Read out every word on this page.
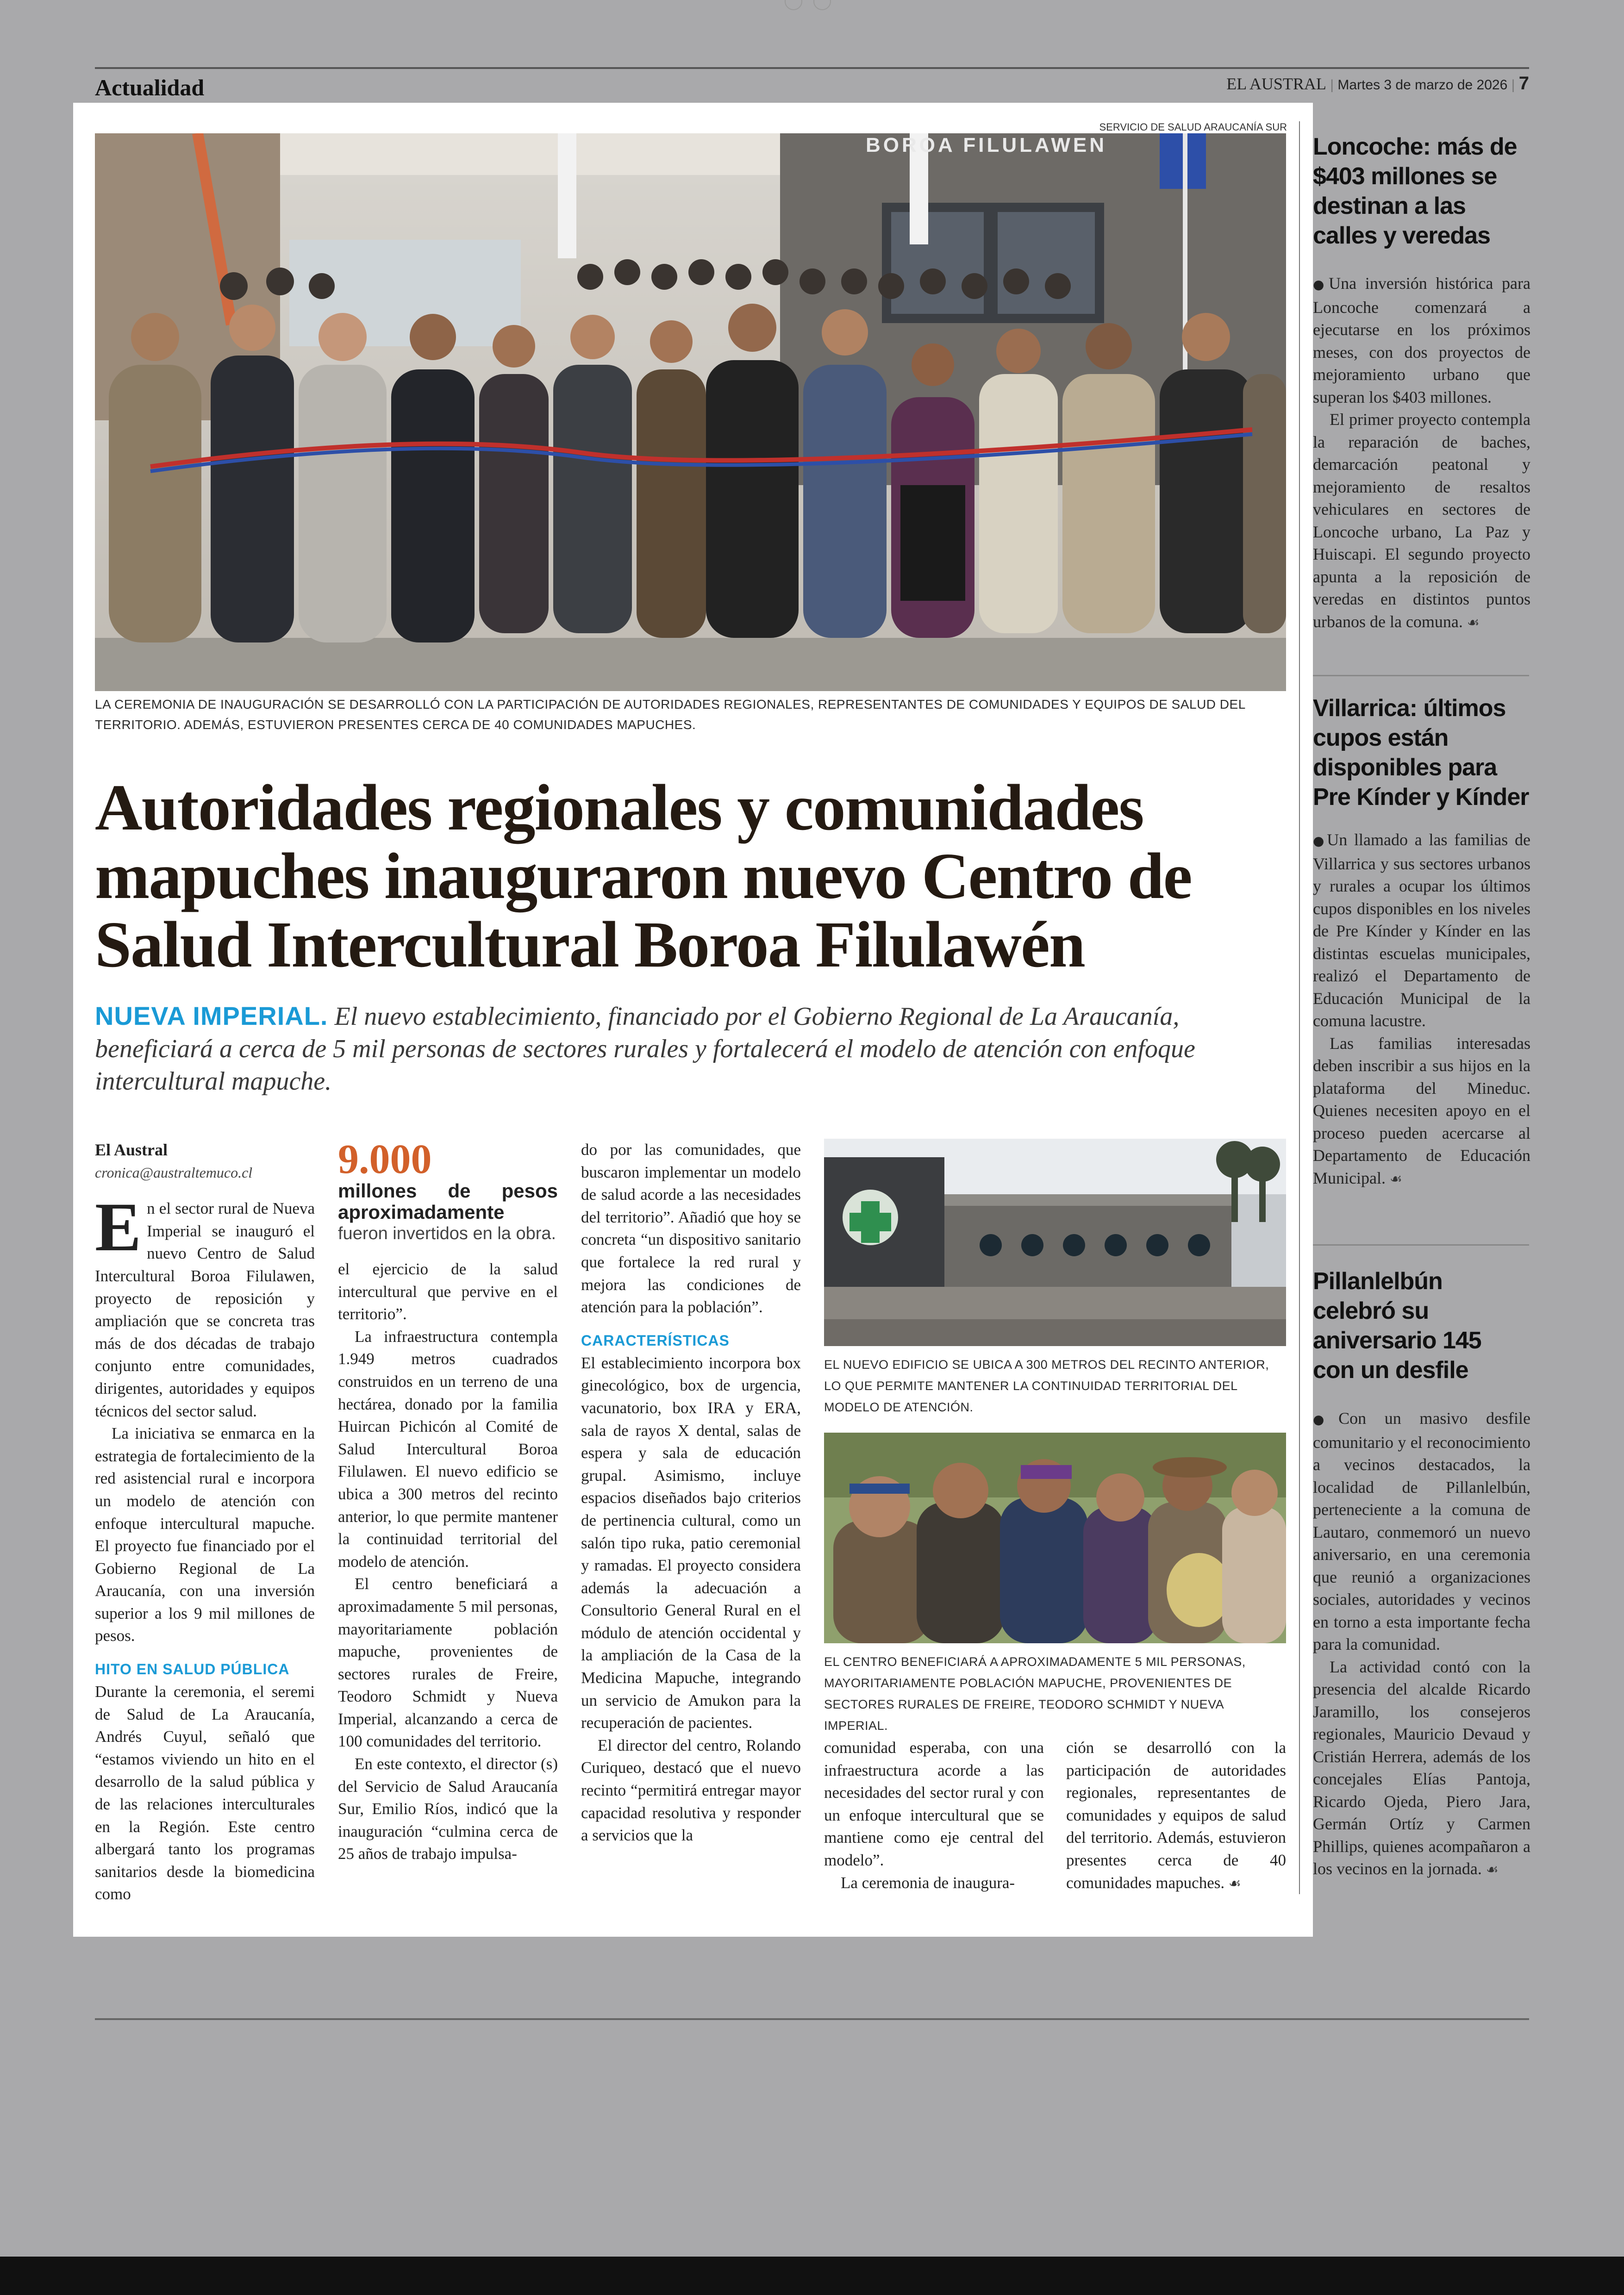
Actualidad	EL AUSTRAL | Martes 3 de marzo de 2026 | 7
SERVICIO DE SALUD ARAUCANÍA SUR
BOROA FILULAWEN
LA CEREMONIA DE INAUGURACIÓN SE DESARROLLÓ CON LA PARTICIPACIÓN DE AUTORIDADES REGIONALES, REPRESENTANTES DE COMUNIDADES Y EQUIPOS DE SALUD DEL TERRITORIO. ADEMÁS, ESTUVIERON PRESENTES CERCA DE 40 COMUNIDADES MAPUCHES.
Autoridades regionales y comunidades mapuches inauguraron nuevo Centro de Salud Intercultural Boroa Filulawén
NUEVA IMPERIAL. El nuevo establecimiento, financiado por el Gobierno Regional de La Araucanía, beneficiará a cerca de 5 mil personas de sectores rurales y fortalecerá el modelo de atención con enfoque intercultural mapuche.
El Austral
cronica@australtemuco.cl

En el sector rural de Nueva Imperial se inauguró el nuevo Centro de Salud Intercultural Boroa Filulawen, proyecto de reposición y ampliación que se concreta tras más de dos décadas de trabajo conjunto entre comunidades, dirigentes, autoridades y equipos técnicos del sector salud.

La iniciativa se enmarca en la estrategia de fortalecimiento de la red asistencial rural e incorpora un modelo de atención con enfoque intercultural mapuche. El proyecto fue financiado por el Gobierno Regional de La Araucanía, con una inversión superior a los 9 mil millones de pesos.

HITO EN SALUD PÚBLICA

Durante la ceremonia, el seremi de Salud de La Araucanía, Andrés Cuyul, señaló que “estamos viviendo un hito en el desarrollo de la salud pública y de las relaciones interculturales en la Región. Este centro albergará tanto los programas sanitarios desde la biomedicina como

9.000
millones de pesos aproximadamente
fueron invertidos en la obra.

el ejercicio de la salud intercultural que pervive en el territorio”.

La infraestructura contempla 1.949 metros cuadrados construidos en un terreno de una hectárea, donado por la familia Huircan Pichicón al Comité de Salud Intercultural Boroa Filulawen. El nuevo edificio se ubica a 300 metros del recinto anterior, lo que permite mantener la continuidad territorial del modelo de atención.

El centro beneficiará a aproximadamente 5 mil personas, mayoritariamente población mapuche, provenientes de sectores rurales de Freire, Teodoro Schmidt y Nueva Imperial, alcanzando a cerca de 100 comunidades del territorio.

En este contexto, el director (s) del Servicio de Salud Araucanía Sur, Emilio Ríos, indicó que la inauguración “culmina cerca de 25 años de trabajo impulsa-

do por las comunidades, que buscaron implementar un modelo de salud acorde a las necesidades del territorio”. Añadió que hoy se concreta “un dispositivo sanitario que fortalece la red rural y mejora las condiciones de atención para la población”.

CARACTERÍSTICAS

El establecimiento incorpora box ginecológico, box de urgencia, vacunatorio, box IRA y ERA, sala de rayos X dental, salas de espera y sala de educación grupal. Asimismo, incluye espacios diseñados bajo criterios de pertinencia cultural, como un salón tipo ruka, patio ceremonial y ramadas. El proyecto considera además la adecuación a Consultorio General Rural en el módulo de atención occidental y la ampliación de la Casa de la Medicina Mapuche, integrando un servicio de Amukon para la recuperación de pacientes.

El director del centro, Rolando Curiqueo, destacó que el nuevo recinto “permitirá entregar mayor capacidad resolutiva y responder a servicios que la

EL NUEVO EDIFICIO SE UBICA A 300 METROS DEL RECINTO ANTERIOR, LO QUE PERMITE MANTENER LA CONTINUIDAD TERRITORIAL DEL MODELO DE ATENCIÓN.
EL CENTRO BENEFICIARÁ A APROXIMADAMENTE 5 MIL PERSONAS, MAYORITARIAMENTE POBLACIÓN MAPUCHE, PROVENIENTES DE SECTORES RURALES DE FREIRE, TEODORO SCHMIDT Y NUEVA IMPERIAL.

comunidad esperaba, con una infraestructura acorde a las necesidades del sector rural y con un enfoque intercultural que se mantiene como eje central del modelo”.

La ceremonia de inaugura-

ción se desarrolló con la participación de autoridades regionales, representantes de comunidades y equipos de salud del territorio. Además, estuvieron presentes cerca de 40 comunidades mapuches. ☙

Loncoche: más de $403 millones se destinan a las calles y veredas

●Una inversión histórica para Loncoche comenzará a ejecutarse en los próximos meses, con dos proyectos de mejoramiento urbano que superan los $403 millones.

El primer proyecto contempla la reparación de baches, demarcación peatonal y mejoramiento de resaltos vehiculares en sectores de Loncoche urbano, La Paz y Huiscapi. El segundo proyecto apunta a la reposición de veredas en distintos puntos urbanos de la comuna. ☙

Villarrica: últimos cupos están disponibles para Pre Kínder y Kínder

●Un llamado a las familias de Villarrica y sus sectores urbanos y rurales a ocupar los últimos cupos disponibles en los niveles de Pre Kínder y Kínder en las distintas escuelas municipales, realizó el Departamento de Educación Municipal de la comuna lacustre.

Las familias interesadas deben inscribir a sus hijos en la plataforma del Mineduc. Quienes necesiten apoyo en el proceso pueden acercarse al Departamento de Educación Municipal. ☙

Pillanlelbún celebró su aniversario 145 con un desfile

●Con un masivo desfile comunitario y el reconocimiento a vecinos destacados, la localidad de Pillanlelbún, perteneciente a la comuna de Lautaro, conmemoró un nuevo aniversario, en una ceremonia que reunió a organizaciones sociales, autoridades y vecinos en torno a esta importante fecha para la comunidad.

La actividad contó con la presencia del alcalde Ricardo Jaramillo, los consejeros regionales, Mauricio Devaud y Cristián Herrera, además de los concejales Elías Pantoja, Ricardo Ojeda, Piero Jara, Germán Ortíz y Carmen Phillips, quienes acompañaron a los vecinos en la jornada. ☙
